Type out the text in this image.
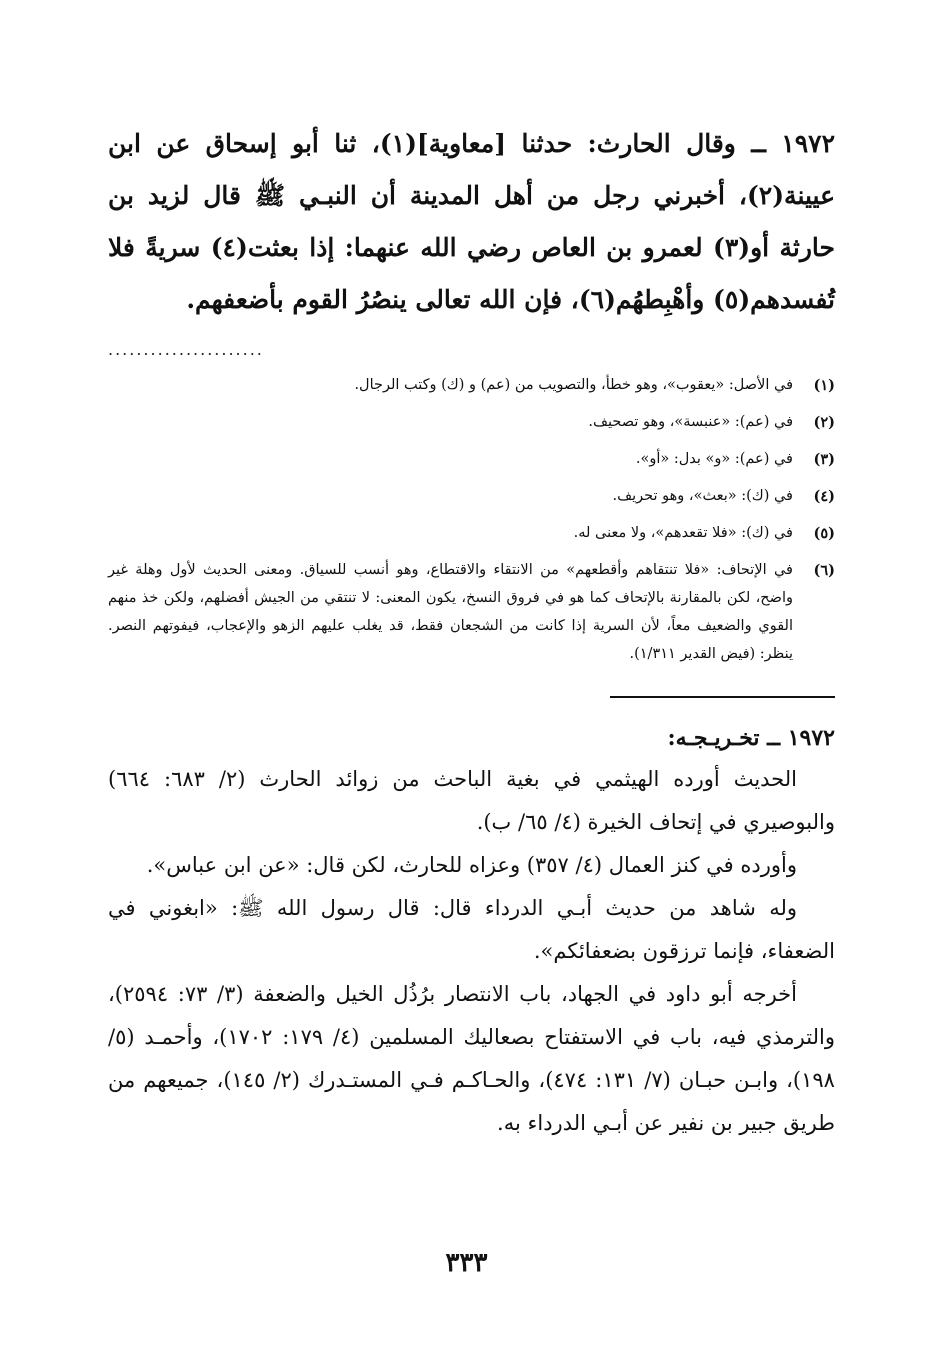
١٩٧٢ ــ وقال الحارث: حدثنا [معاوية](١)، ثنا أبو إسحاق عن ابن عيينة(٢)، أخبرني رجل من أهل المدينة أن النبـي ﷺ قال لزيد بن حارثة أو(٣) لعمرو بن العاص رضي الله عنهما: إذا بعثت(٤) سريةً فلا تُفسدهم(٥) وأهْبِطهُم(٦)، فإن الله تعالى ينصُرُ القوم بأضعفهم.

......................
(١)
في الأصل: «يعقوب»، وهو خطأ، والتصويب من (عم) و (ك) وكتب الرجال.
(٢)
في (عم): «عنبسة»، وهو تصحيف.
(٣)
في (عم): «و» بدل: «أو».
(٤)
في (ك): «بعث»، وهو تحريف.
(٥)
في (ك): «فلا تقعدهم»، ولا معنى له.
(٦)
في الإتحاف: «فلا تنتقاهم وأقطعهم» من الانتقاء والاقتطاع، وهو أنسب للسياق. ومعنى الحديث لأول وهلة غير واضح، لكن بالمقارنة بالإتحاف كما هو في فروق النسخ، يكون المعنى: لا تنتقي من الجيش أفضلهم، ولكن خذ منهم القوي والضعيف معاً، لأن السرية إذا كانت من الشجعان فقط، قد يغلب عليهم الزهو والإعجاب، فيفوتهم النصر. ينظر: (فيض القدير ١/٣١١).
١٩٧٢ ــ تخـريـجـه:

الحديث أورده الهيثمي في بغية الباحث من زوائد الحارث (٢/ ٦٨٣: ٦٦٤) والبوصيري في إتحاف الخيرة (٤/ ٦٥/ ب).

وأورده في كنز العمال (٤/ ٣٥٧) وعزاه للحارث، لكن قال: «عن ابن عباس».

وله شاهد من حديث أبـي الدرداء قال: قال رسول الله ﷺ: «ابغوني في الضعفاء، فإنما ترزقون بضعفائكم».

أخرجه أبو داود في الجهاد، باب الانتصار برُذُل الخيل والضعفة (٣/ ٧٣: ٢٥٩٤)، والترمذي فيه، باب في الاستفتاح بصعاليك المسلمين (٤/ ١٧٩: ١٧٠٢)، وأحمـد (٥/ ١٩٨)، وابـن حبـان (٧/ ١٣١: ٤٧٤)، والحـاكـم فـي المستـدرك (٢/ ١٤٥)، جميعهم من طريق جبير بن نفير عن أبـي الدرداء به.

٣٣٣
